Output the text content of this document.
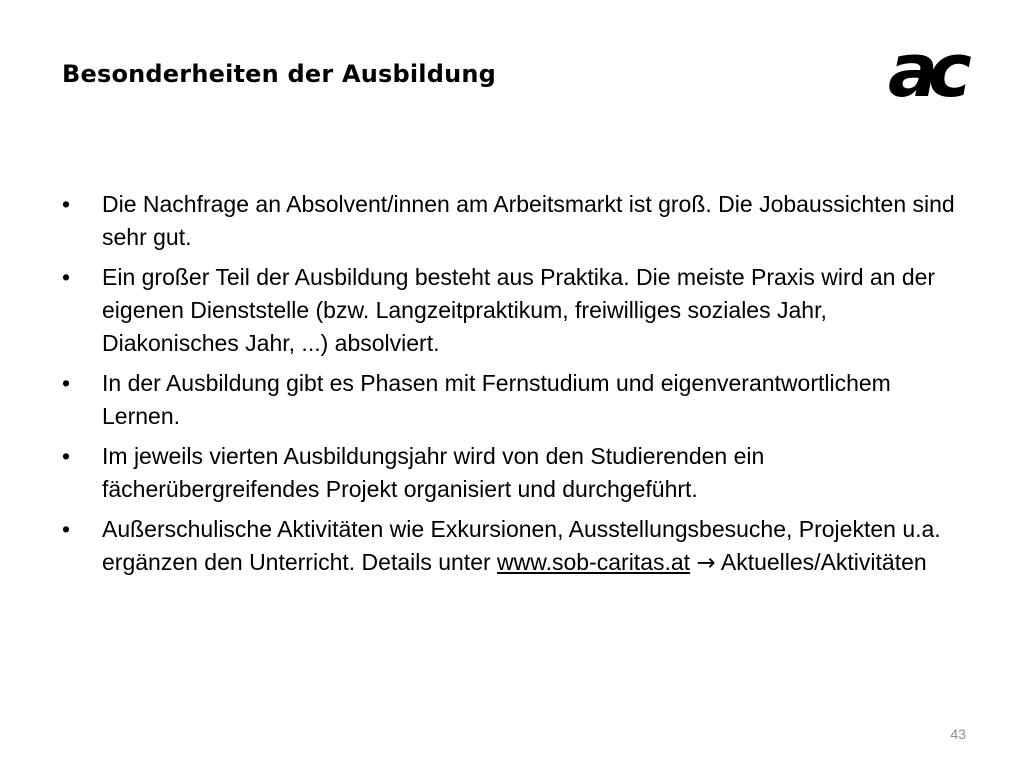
Besonderheiten der Ausbildung	ac
• Die Nachfrage an Absolvent/innen am Arbeitsmarkt ist groß. Die Jobaussichten sind sehr gut.
• Ein großer Teil der Ausbildung besteht aus Praktika. Die meiste Praxis wird an der eigenen Dienststelle (bzw. Langzeitpraktikum, freiwilliges soziales Jahr, Diakonisches Jahr, ...) absolviert.
• In der Ausbildung gibt es Phasen mit Fernstudium und eigenverantwortlichem Lernen.
• Im jeweils vierten Ausbildungsjahr wird von den Studierenden ein fächerübergreifendes Projekt organisiert und durchgeführt.
• Außerschulische Aktivitäten wie Exkursionen, Ausstellungsbesuche, Projekten u.a. ergänzen den Unterricht. Details unter www.sob-caritas.at → Aktuelles/Aktivitäten
43
